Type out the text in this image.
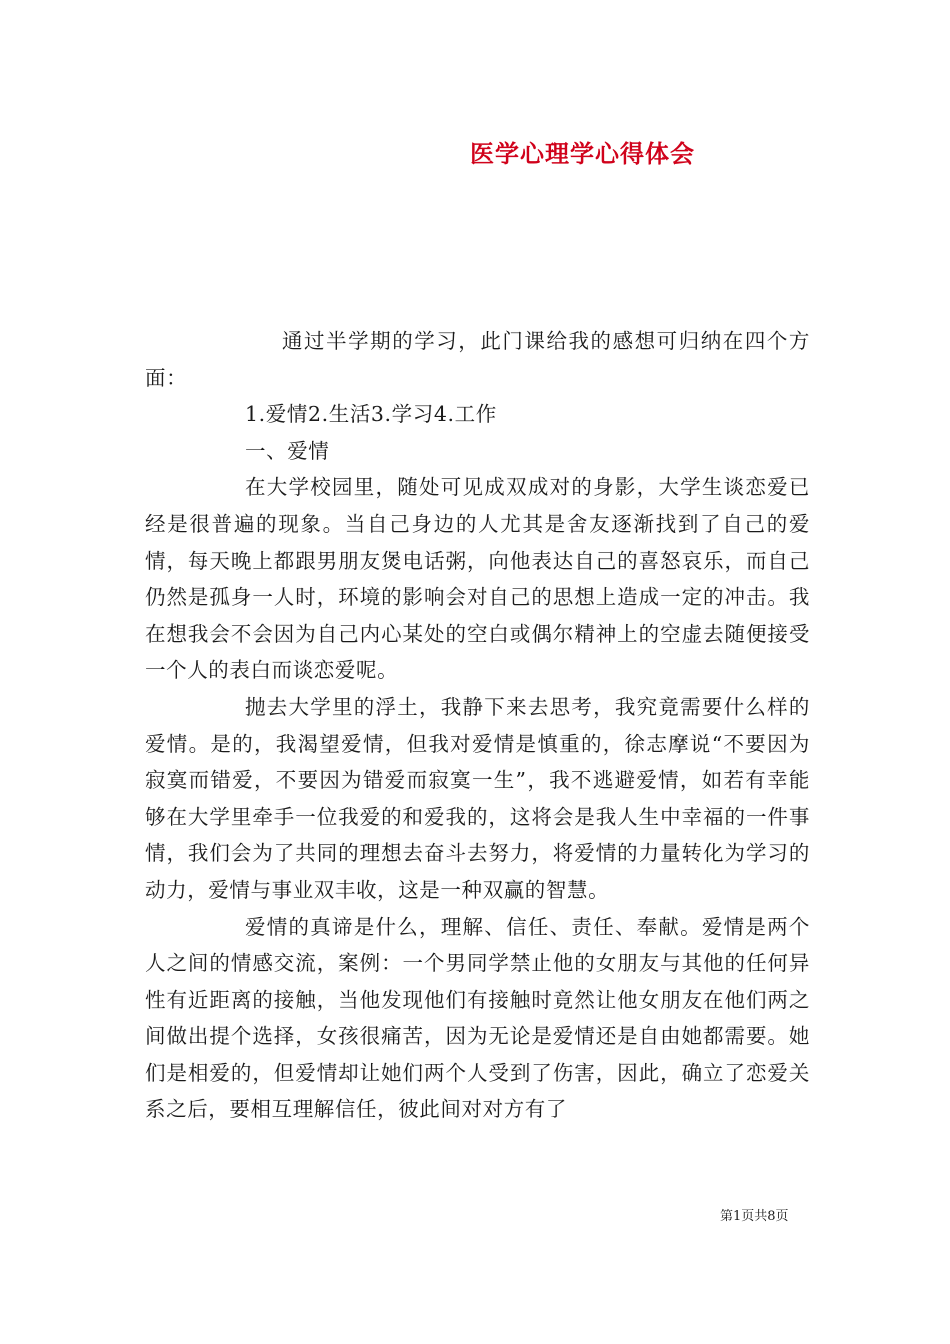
医学心理学心得体会

通过半学期的学习，此门课给我的感想可归纳在四个方面：

1.爱情2.生活3.学习4.工作

一、爱情

在大学校园里，随处可见成双成对的身影，大学生谈恋爱已经是很普遍的现象。当自己身边的人尤其是舍友逐渐找到了自己的爱情，每天晚上都跟男朋友煲电话粥，向他表达自己的喜怒哀乐，而自己仍然是孤身一人时，环境的影响会对自己的思想上造成一定的冲击。我在想我会不会因为自己内心某处的空白或偶尔精神上的空虚去随便接受一个人的表白而谈恋爱呢。

抛去大学里的浮土，我静下来去思考，我究竟需要什么样的爱情。是的，我渴望爱情，但我对爱情是慎重的，徐志摩说“不要因为寂寞而错爱，不要因为错爱而寂寞一生”，我不逃避爱情，如若有幸能够在大学里牵手一位我爱的和爱我的，这将会是我人生中幸福的一件事情，我们会为了共同的理想去奋斗去努力，将爱情的力量转化为学习的动力，爱情与事业双丰收，这是一种双赢的智慧。

爱情的真谛是什么，理解、信任、责任、奉献。爱情是两个人之间的情感交流，案例：一个男同学禁止他的女朋友与其他的任何异性有近距离的接触，当他发现他们有接触时竟然让他女朋友在他们两之间做出提个选择，女孩很痛苦，因为无论是爱情还是自由她都需要。她们是相爱的，但爱情却让她们两个人受到了伤害，因此，确立了恋爱关系之后，要相互理解信任，彼此间对对方有了

第1页共8页
